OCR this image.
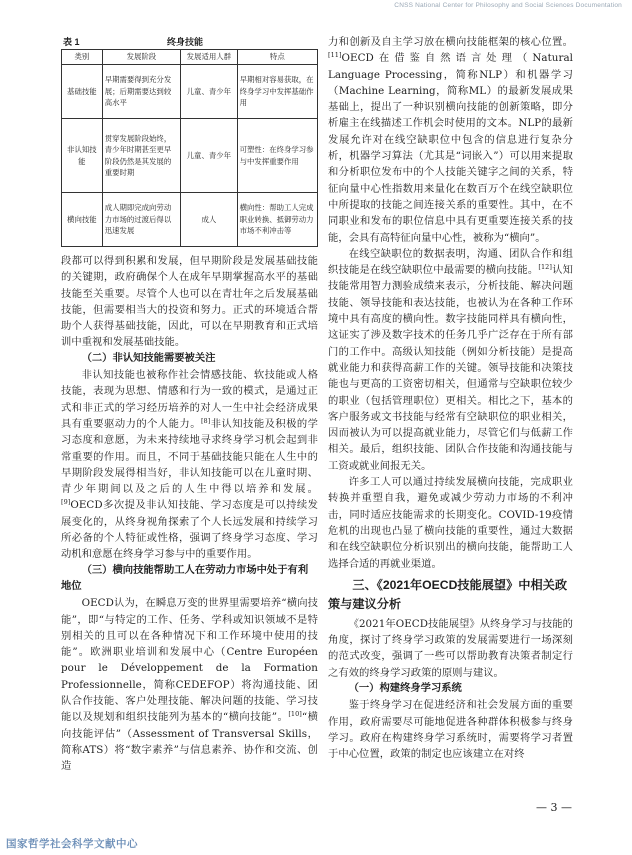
CNSS National Center for Philosophy and Social Sciences Documentation
表 1	终身技能
类别	发展阶段	发展适用人群	特点
基础技能	早期需要得到充分发展；后期需要达到较高水平	儿童、青少年	早期相对容易获取，在终身学习中发挥基础作用
非认知技能	贯穿发展阶段始终，青少年时期甚至更早阶段仍然是其发展的重要时期	儿童、青少年	可塑性：在终身学习参与中发挥重要作用
横向技能	成人期即完成向劳动力市场的过渡后得以迅速发展	成人	横向性：帮助工人完成职业转换、抵御劳动力市场不利冲击等

段都可以得到积累和发展，但早期阶段是发展基础技能的关键期，政府确保个人在成年早期掌握高水平的基础技能至关重要。尽管个人也可以在青壮年之后发展基础技能，但需要相当大的投资和努力。正式的环境适合帮助个人获得基础技能，因此，可以在早期教育和正式培训中重视和发展基础技能。

（二）非认知技能需要被关注

非认知技能也被称作社会情感技能、软技能或人格技能，表现为思想、情感和行为一致的模式，是通过正式和非正式的学习经历培养的对人一生中社会经济成果具有重要驱动力的个人能力。[8]非认知技能及积极的学习态度和意愿，为未来持续地寻求终身学习机会起到非常重要的作用。而且，不同于基础技能只能在人生中的早期阶段发展得相当好，非认知技能可以在儿童时期、青少年期间以及之后的人生中得以培养和发展。[9]OECD多次提及非认知技能、学习态度是可以持续发展变化的，从终身视角探索了个人长远发展和持续学习所必备的个人特征或性格，强调了终身学习态度、学习动机和意愿在终身学习参与中的重要作用。

（三）横向技能帮助工人在劳动力市场中处于有利地位

OECD认为，在瞬息万变的世界里需要培养“横向技能”，即“与特定的工作、任务、学科或知识领域不是特别相关的且可以在各种情况下和工作环境中使用的技能”。欧洲职业培训和发展中心（Centre Européen pour le Développement de la Formation Professionnelle，简称CEDEFOP）将沟通技能、团队合作技能、客户处理技能、解决问题的技能、学习技能以及规划和组织技能列为基本的“横向技能”。[10]“横向技能评估”（Assessment of Transversal Skills，简称ATS）将“数字素养”与信息素养、协作和交流、创造

力和创新及自主学习放在横向技能框架的核心位置。[11]OECD在借鉴自然语言处理（Natural Language Processing，简称NLP）和机器学习（Machine Learning，简称ML）的最新发展成果基础上，提出了一种识别横向技能的创新策略，即分析雇主在线描述工作机会时使用的文本。NLP的最新发展允许对在线空缺职位中包含的信息进行复杂分析，机器学习算法（尤其是“词嵌入”）可以用来提取和分析职位发布中的个人技能关键字之间的关系，特征向量中心性指数用来量化在数百万个在线空缺职位中所提取的技能之间连接关系的重要性。其中，在不同职业和发布的职位信息中具有更重要连接关系的技能，会具有高特征向量中心性，被称为“横向”。

在线空缺职位的数据表明，沟通、团队合作和组织技能是在线空缺职位中最需要的横向技能。[12]认知技能常用智力测验成绩来表示，分析技能、解决问题技能、领导技能和表达技能，也被认为在各种工作环境中具有高度的横向性。数字技能同样具有横向性，这证实了涉及数字技术的任务几乎广泛存在于所有部门的工作中。高级认知技能（例如分析技能）是提高就业能力和获得高薪工作的关键。领导技能和决策技能也与更高的工资密切相关，但通常与空缺职位较少的职业（包括管理职位）更相关。相比之下，基本的客户服务或文书技能与经常有空缺职位的职业相关，因而被认为可以提高就业能力，尽管它们与低薪工作相关。最后，组织技能、团队合作技能和沟通技能与工资或就业间报无关。

许多工人可以通过持续发展横向技能，完成职业转换并重塑自我，避免或减少劳动力市场的不利冲击，同时适应技能需求的长期变化。COVID-19疫情危机的出现也凸显了横向技能的重要性，通过大数据和在线空缺职位分析识别出的横向技能，能帮助工人选择合适的再就业渠道。

三、《2021年OECD技能展望》中相关政策与建议分析

《2021年OECD技能展望》从终身学习与技能的角度，探讨了终身学习政策的发展需要进行一场深刻的范式改变，强调了一些可以帮助教育决策者制定行之有效的终身学习政策的原则与建议。

（一）构建终身学习系统

鉴于终身学习在促进经济和社会发展方面的重要作用，政府需要尽可能地促进各种群体积极参与终身学习。政府在构建终身学习系统时，需要将学习者置于中心位置，政策的制定也应该建立在对终

— 3 —
国家哲学社会科学文献中心
